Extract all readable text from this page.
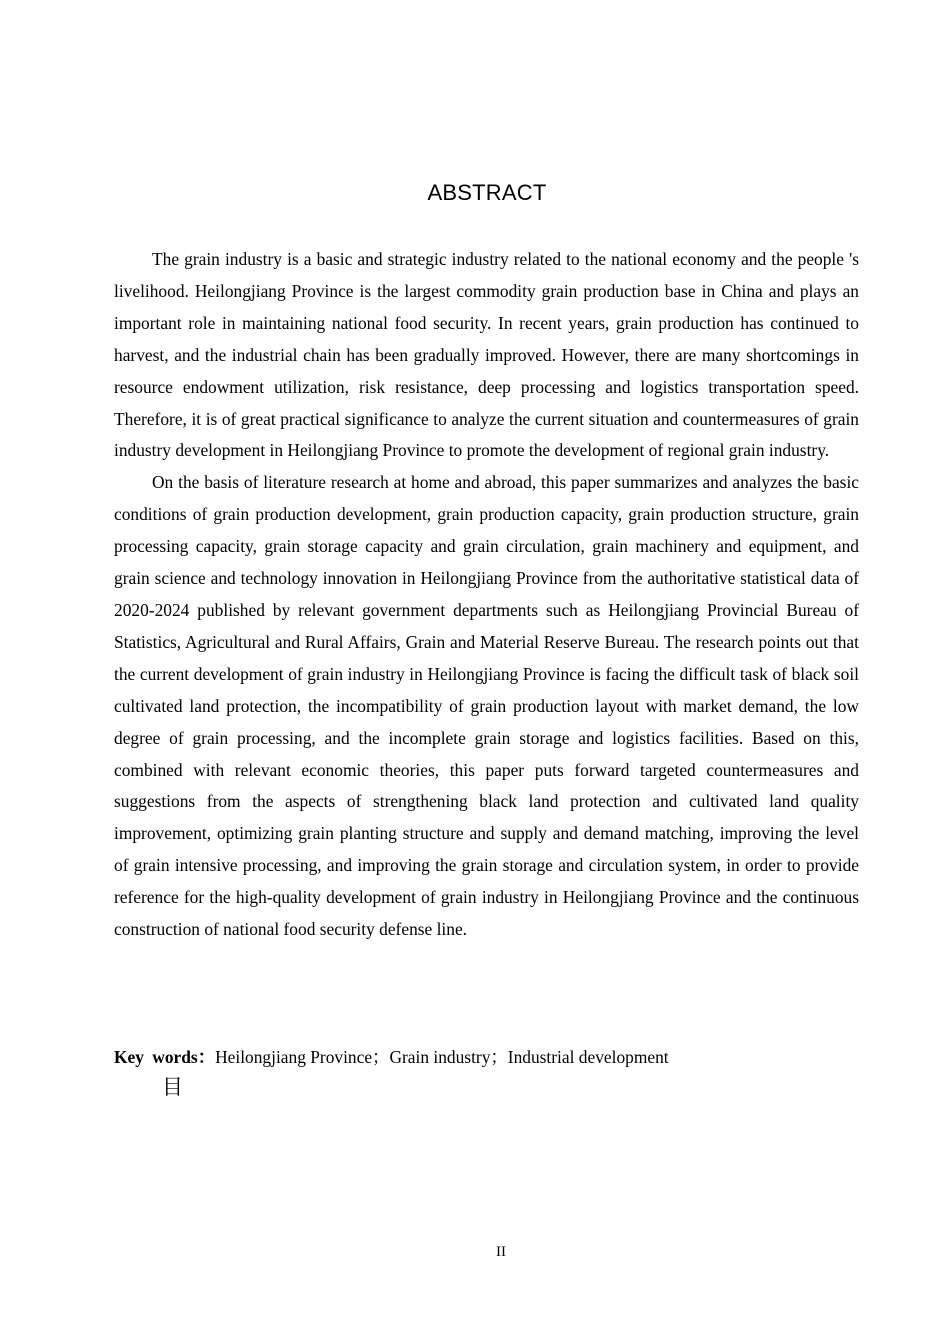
ABSTRACT

The grain industry is a basic and strategic industry related to the national economy and the people 's livelihood. Heilongjiang Province is the largest commodity grain production base in China and plays an important role in maintaining national food security. In recent years, grain production has continued to harvest, and the industrial chain has been gradually improved. However, there are many shortcomings in resource endowment utilization, risk resistance, deep processing and logistics transportation speed. Therefore, it is of great practical significance to analyze the current situation and countermeasures of grain industry development in Heilongjiang Province to promote the development of regional grain industry.

On the basis of literature research at home and abroad, this paper summarizes and analyzes the basic conditions of grain production development, grain production capacity, grain production structure, grain processing capacity, grain storage capacity and grain circulation, grain machinery and equipment, and grain science and technology innovation in Heilongjiang Province from the authoritative statistical data of 2020-2024 published by relevant government departments such as Heilongjiang Provincial Bureau of Statistics, Agricultural and Rural Affairs, Grain and Material Reserve Bureau. The research points out that the current development of grain industry in Heilongjiang Province is facing the difficult task of black soil cultivated land protection, the incompatibility of grain production layout with market demand, the low degree of grain processing, and the incomplete grain storage and logistics facilities. Based on this, combined with relevant economic theories, this paper puts forward targeted countermeasures and suggestions from the aspects of strengthening black land protection and cultivated land quality improvement, optimizing grain planting structure and supply and demand matching, improving the level of grain intensive processing, and improving the grain storage and circulation system, in order to provide reference for the high-quality development of grain industry in Heilongjiang Province and the continuous construction of national food security defense line.

Key words：Heilongjiang Province；Grain industry；Industrial development
目
II
